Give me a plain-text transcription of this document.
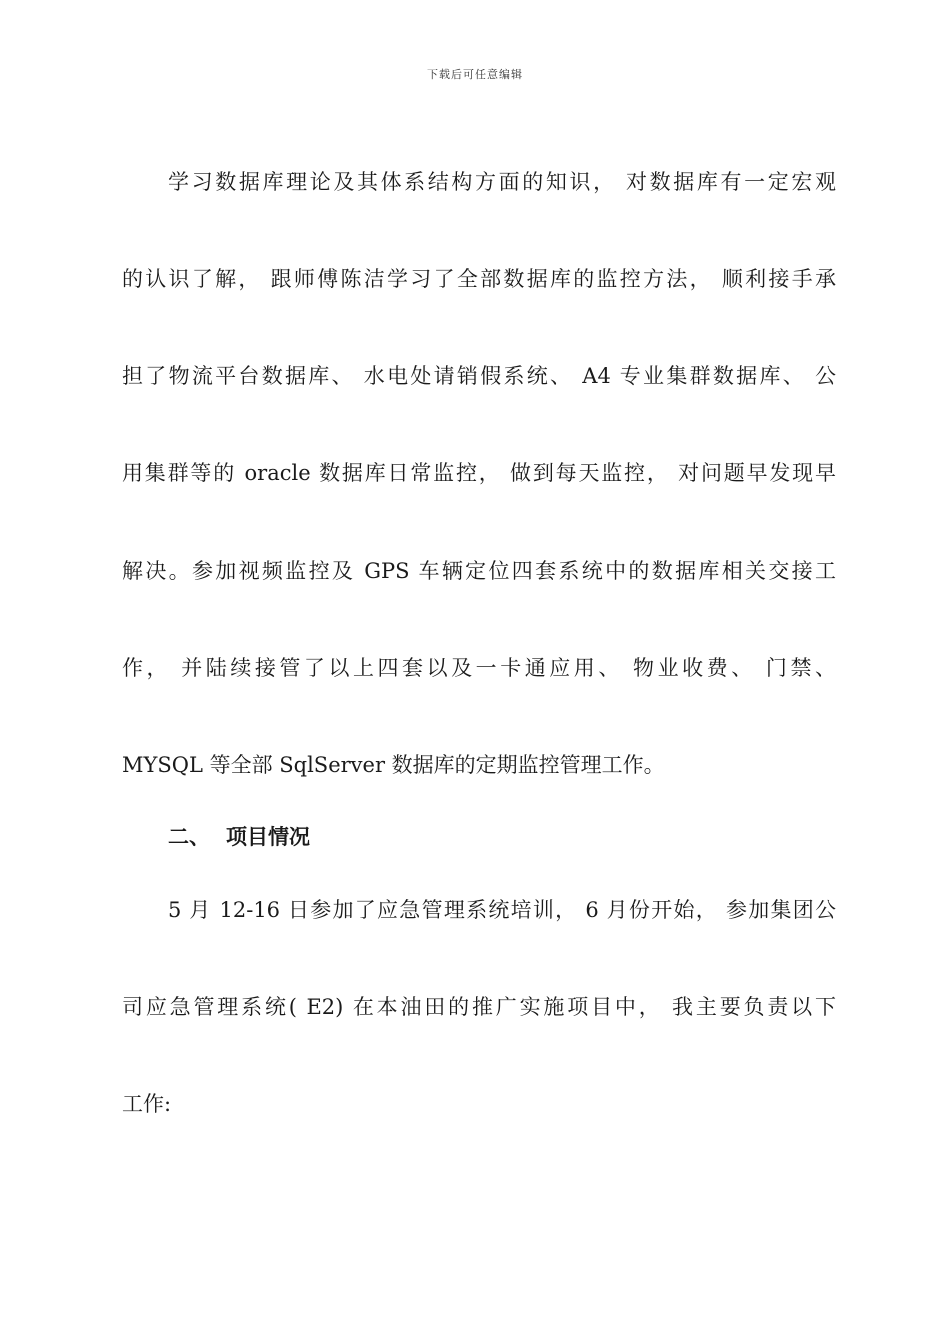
下载后可任意编辑
学习数据库理论及其体系结构方面的知识， 对数据库有一定宏观
的认识了解， 跟师傅陈洁学习了全部数据库的监控方法， 顺利接手承
担了物流平台数据库、 水电处请销假系统、 A4 专业集群数据库、 公
用集群等的 oracle 数据库日常监控， 做到每天监控， 对问题早发现早
解决。参加视频监控及 GPS 车辆定位四套系统中的数据库相关交接工
作， 并陆续接管了以上四套以及一卡通应用、 物业收费、 门禁、
MYSQL 等全部 SqlServer 数据库的定期监控管理工作。
二、 项目情况
5 月 12-16 日参加了应急管理系统培训， 6 月份开始， 参加集团公
司应急管理系统( E2) 在本油田的推广实施项目中， 我主要负责以下
工作:
